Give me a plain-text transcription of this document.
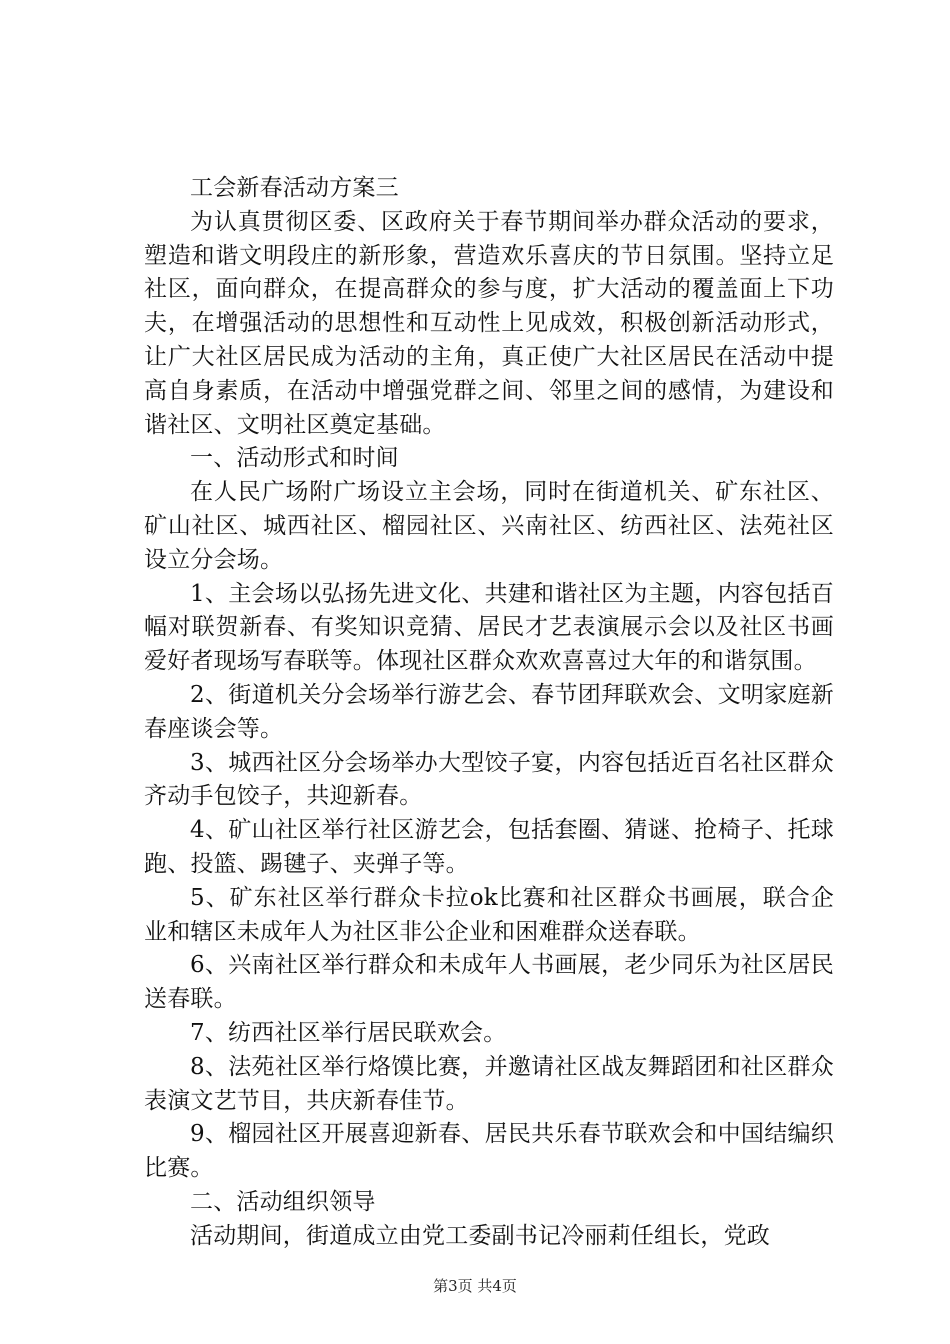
工会新春活动方案三

为认真贯彻区委、区政府关于春节期间举办群众活动的要求，塑造和谐文明段庄的新形象，营造欢乐喜庆的节日氛围。坚持立足社区，面向群众，在提高群众的参与度，扩大活动的覆盖面上下功夫，在增强活动的思想性和互动性上见成效，积极创新活动形式，让广大社区居民成为活动的主角，真正使广大社区居民在活动中提高自身素质，在活动中增强党群之间、邻里之间的感情，为建设和谐社区、文明社区奠定基础。

一、活动形式和时间

在人民广场附广场设立主会场，同时在街道机关、矿东社区、矿山社区、城西社区、榴园社区、兴南社区、纺西社区、法苑社区设立分会场。

1、主会场以弘扬先进文化、共建和谐社区为主题，内容包括百幅对联贺新春、有奖知识竞猜、居民才艺表演展示会以及社区书画爱好者现场写春联等。体现社区群众欢欢喜喜过大年的和谐氛围。

2、街道机关分会场举行游艺会、春节团拜联欢会、文明家庭新春座谈会等。

3、城西社区分会场举办大型饺子宴，内容包括近百名社区群众齐动手包饺子，共迎新春。

4、矿山社区举行社区游艺会，包括套圈、猜谜、抢椅子、托球跑、投篮、踢毽子、夹弹子等。

5、矿东社区举行群众卡拉ok比赛和社区群众书画展，联合企业和辖区未成年人为社区非公企业和困难群众送春联。

6、兴南社区举行群众和未成年人书画展，老少同乐为社区居民送春联。

7、纺西社区举行居民联欢会。

8、法苑社区举行烙馍比赛，并邀请社区战友舞蹈团和社区群众表演文艺节目，共庆新春佳节。

9、榴园社区开展喜迎新春、居民共乐春节联欢会和中国结编织比赛。

二、活动组织领导

活动期间，街道成立由党工委副书记冷丽莉任组长，党政

第3页 共4页
